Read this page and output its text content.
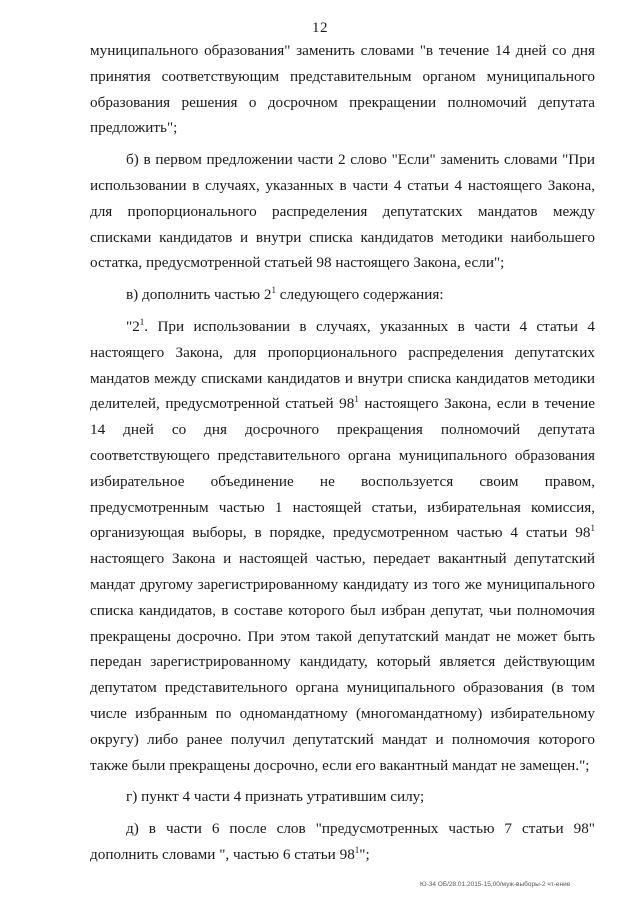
12

муниципального образования" заменить словами "в течение 14 дней со дня принятия соответствующим представительным органом муниципального образования решения о досрочном прекращении полномочий депутата предложить";

б) в первом предложении части 2 слово "Если" заменить словами "При использовании в случаях, указанных в части 4 статьи 4 настоящего Закона, для пропорционального распределения депутатских мандатов между списками кандидатов и внутри списка кандидатов методики наибольшего остатка, предусмотренной статьей 98 настоящего Закона, если";

в) дополнить частью $2^1$ следующего содержания:

"$2^1$. При использовании в случаях, указанных в части 4 статьи 4 настоящего Закона, для пропорционального распределения депутатских мандатов между списками кандидатов и внутри списка кандидатов методики делителей, предусмотренной статьей $98^1$ настоящего Закона, если в течение 14 дней со дня досрочного прекращения полномочий депутата соответствующего представительного органа муниципального образования избирательное объединение не воспользуется своим правом, предусмотренным частью 1 настоящей статьи, избирательная комиссия, организующая выборы, в порядке, предусмотренном частью 4 статьи $98^1$ настоящего Закона и настоящей частью, передает вакантный депутатский мандат другому зарегистрированному кандидату из того же муниципального списка кандидатов, в составе которого был избран депутат, чьи полномочия прекращены досрочно. При этом такой депутатский мандат не может быть передан зарегистрированному кандидату, который является действующим депутатом представительного органа муниципального образования (в том числе избранным по одномандатному (многомандатному) избирательному округу) либо ранее получил депутатский мандат и полномочия которого также были прекращены досрочно, если его вакантный мандат не замещен.";

г) пункт 4 части 4 признать утратившим силу;

д) в части 6 после слов "предусмотренных частью 7 статьи 98" дополнить словами ", частью 6 статьи $98^1$";

Ю-34 ОБ/28.01.2015-15,00/муж-выборы-2 чт-ение
